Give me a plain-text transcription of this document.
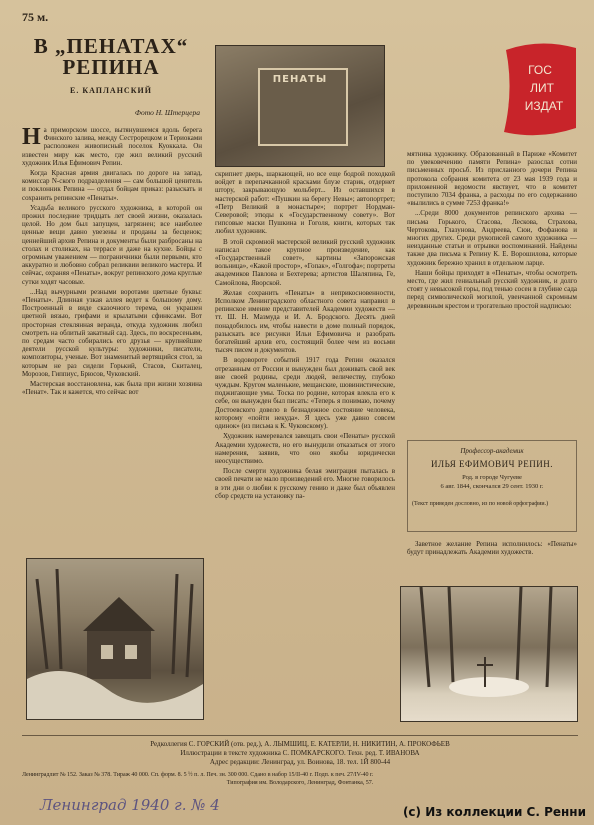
75 м.
В „ПЕНАТАХ“
РЕПИНА
Е. КАПЛАНСКИЙ
Фото Н. Штерцера
ПЕНАТЫ
ГОС
ЛИТ
ИЗДАТ

На приморском шоссе, вытянувшемся вдоль берега Финского залива, между Сестрорецком и Териоками расположен живописный поселок Куоккала. Он известен миру как место, где жил великий русский художник Илья Ефимович Репин.

Когда Красная армия двигалась по дороге на запад, комиссар N-ского подразделения — сам большой ценитель и поклонник Репина — отдал бойцам приказ: разыскать и сохранить репинские «Пенаты».

Усадьба великого русского художника, в которой он прожил последние тридцать лет своей жизни, оказалась целой. Но дом был запущен, загрязнен; все наиболее ценные вещи давно увезены и проданы за бесценок; ценнейший архив Репина и документы были разбросаны на столах и столиках, на террасе и даже на кухне. Бойцы с огромным уважением — пограничники были первыми, кто аккуратно и любовно собрал реликвии великого мастера. И сейчас, охраняя «Пенаты», вокруг репинского дома круглые сутки ходят часовые.

...Над вычурными резными воротами цветные буквы: «Пенаты». Длинная узкая аллея ведет к большому дому. Построенный в виде сказочного терема, он украшен цветной вязью, грифами и крылатыми сфинксами. Вот просторная стеклянная веранда, откуда художник любил смотреть на облитый закатный сад. Здесь, по воскресеньям, по средам часто собирались его друзья — крупнейшие деятели русской культуры: художники, писатели, композиторы, ученые. Вот знаменитый вертящийся стол, за которым не раз сидели Горький, Стасов, Скиталец, Морозов, Гиппиус, Брюсов, Чуковский.

Мастерская восстановлена, как была при жизни хозяина «Пенат». Так и кажется, что сейчас вот

скрипнет дверь, шаркающей, но все еще бодрой походкой войдет в перепачканной красками блузе старик, отдернет штору, закрывающую мольберт... Из оставшихся в мастерской работ: «Пушкин на берегу Невы»; автопортрет; «Петр Великий в монастыре»; портрет Нордман-Северовой; этюды к «Государственному совету». Вот гипсовые маски Пушкина и Гоголя, книги, которых так любил художник.

В этой скромной мастерской великий русский художник написал такое крупное произведение, как «Государственный совет», картины «Запорожская вольница», «Какой простор», «Гопак», «Голгофа»; портреты академиков Павлова и Бехтерева; артистов Шаляпина, Ге, Самойлова, Яворской.

Желая сохранить «Пенаты» в неприкосновенности, Исполком Ленинградского областного совета направил в репинское имение представителей Академии художеств — тт. Ш. Н. Мазмуда и И. А. Бродского. Десять дней понадобилось им, чтобы навести в доме полный порядок, разыскать все рисунки Ильи Ефимовича и разобрать богатейший архив его, состоящий более чем из восьми тысяч писем и документов.

В водовороте событий 1917 года Репин оказался отрезанным от России и вынужден был доживать свой век вне своей родины, среди людей, величеству, глубоко чуждым. Кругом маленькие, мещанские, шовинистические, поджигающие умы. Тоска по родине, которая влекла его к себе, он вынужден был писать: «Теперь я понимаю, почему Достоевского довело в безнадежное состояние человека, которому «пойти некуда». Я здесь уже давно совсем одинок» (из письма к К. Чуковскому).

Художник намеревался завещать свои «Пенаты» русской Академии художеств, но его вынудили отказаться от этого намерения, заявив, что оно якобы юридически неосуществимо.

После смерти художника белая эмиграция пыталась в своей печати не мало произведений его. Многие говорилось в эти дни о любви к русскому гению и даже был объявлен сбор средств на установку па-

мятника художнику. Образованный в Париже «Комитет по увековечению памяти Репина» разослал сотни письменных просьб. Из присланного дочери Репина протокола собрания комитета от 23 мая 1939 года и приложенной ведомости явствует, что в комитет поступило 7034 франка, а расходы по его содержанию «вылились в сумме 7253 франка!»

...Среди 8000 документов репинского архива — письма Горького, Стасова, Лескова, Страхова, Чертокова, Глазунова, Андреева, Сюи, Фофанова и многих других. Среди рукописей самого художника — неизданные статьи и отрывки воспоминаний. Найдены также два письма к Репину К. Е. Ворошилова, которые художник бережно хранил в отдельном ларце.

Наши бойцы приходят в «Пенаты», чтобы осмотреть место, где жил гениальный русский художник, и долго стоят у невысокой горы, под тенью сосен в глубине сада перед символической могилой, увенчанной скромным деревянным крестом и трогательно простой надписью:

Профессор-академик
ИЛЬЯ ЕФИМОВИЧ РЕПИН.
Род. в городе Чугуеве
6 авг. 1844, скончался 29 сент. 1930 г.
(Текст приведен дословно, из по новой орфографии.)

Заветное желание Репина исполнилось: «Пенаты» будут принадлежать Академии художеств.

Редколлегия С. ГОРСКИЙ (отв. ред.), А. ЛЫМШИЦ, Е. КАТЕРЛИ, Н. НИКИТИН, А. ПРОКОФЬЕВ
Иллюстрации в тексте художника С. ПОМКАРСКОГО. Техн. ред. Т. ИВАНОВА
Адрес редакции: Ленинград, ул. Воинова, 18. тел. 1Й 800-44
Ленинградлит № 152. Заказ № 378. Тираж 40 000. Сп. форм. 8. 5 ½ п. л. Печ. зн. 300 000. Сдано в набор 15/II-40 г. Подп. к печ. 27/IV-40 г.
Типография им. Володарского, Ленинград, Фонтанка, 57.
Ленинград 1940 г. № 4	(c) Из коллекции С. Ренни
